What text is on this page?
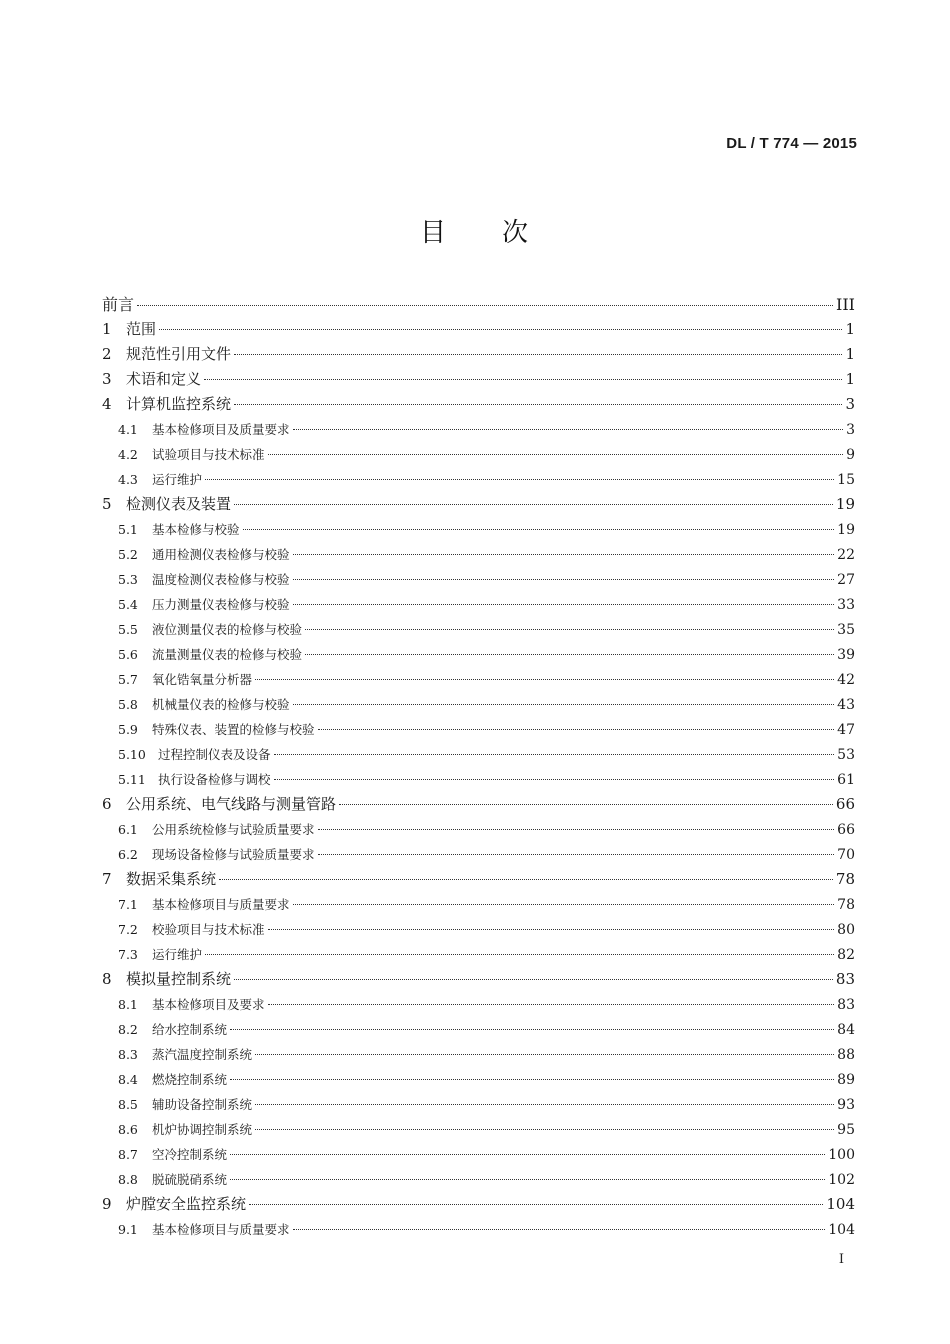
DL / T 774 — 2015
目 次
前言	III
1 范围	1
2 规范性引用文件	1
3 术语和定义	1
4 计算机监控系统	3
4.1	基本检修项目及质量要求	3
4.2	试验项目与技术标准	9
4.3	运行维护	15
5 检测仪表及装置	19
5.1	基本检修与校验	19
5.2	通用检测仪表检修与校验	22
5.3	温度检测仪表检修与校验	27
5.4	压力测量仪表检修与校验	33
5.5	液位测量仪表的检修与校验	35
5.6	流量测量仪表的检修与校验	39
5.7	氧化锆氧量分析器	42
5.8	机械量仪表的检修与校验	43
5.9	特殊仪表、装置的检修与校验	47
5.10 过程控制仪表及设备	53
5.11 执行设备检修与调校	61
6 公用系统、电气线路与测量管路	66
6.1	公用系统检修与试验质量要求	66
6.2	现场设备检修与试验质量要求	70
7 数据采集系统	78
7.1	基本检修项目与质量要求	78
7.2	校验项目与技术标准	80
7.3	运行维护	82
8 模拟量控制系统	83
8.1	基本检修项目及要求	83
8.2	给水控制系统	84
8.3	蒸汽温度控制系统	88
8.4	燃烧控制系统	89
8.5	辅助设备控制系统	93
8.6	机炉协调控制系统	95
8.7	空冷控制系统	100
8.8	脱硫脱硝系统	102
9 炉膛安全监控系统	104
9.1	基本检修项目与质量要求	104
I
